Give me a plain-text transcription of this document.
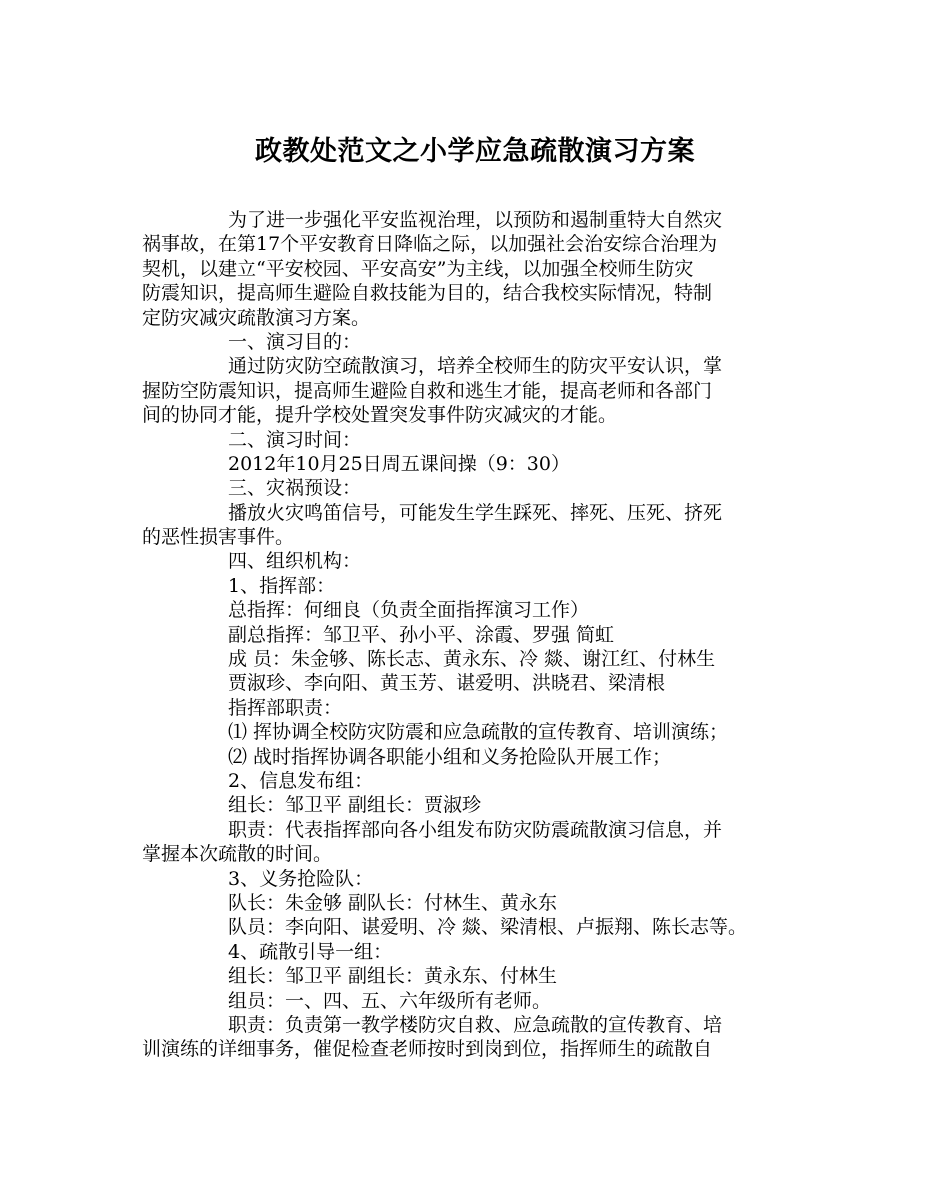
政教处范文之小学应急疏散演习方案
为了进一步强化平安监视治理，以预防和遏制重特大自然灾
祸事故，在第17个平安教育日降临之际，以加强社会治安综合治理为
契机，以建立“平安校园、平安高安”为主线，以加强全校师生防灾
防震知识，提高师生避险自救技能为目的，结合我校实际情况，特制
定防灾减灾疏散演习方案。
一、演习目的：
通过防灾防空疏散演习，培养全校师生的防灾平安认识，掌
握防空防震知识，提高师生避险自救和逃生才能，提高老师和各部门
间的协同才能，提升学校处置突发事件防灾减灾的才能。
二、演习时间：
2012年10月25日周五课间操（9：30）
三、灾祸预设：
播放火灾鸣笛信号，可能发生学生踩死、摔死、压死、挤死
的恶性损害事件。
四、组织机构：
1、指挥部：
总指挥：何细良（负责全面指挥演习工作）
副总指挥：邹卫平、孙小平、涂霞、罗强 简虹
成 员：朱金够、陈长志、黄永东、冷 燚、谢江红、付林生
贾淑珍、李向阳、黄玉芳、谌爱明、洪晓君、梁清根
指挥部职责：
⑴ 挥协调全校防灾防震和应急疏散的宣传教育、培训演练；
⑵ 战时指挥协调各职能小组和义务抢险队开展工作；
2、信息发布组：
组长：邹卫平 副组长：贾淑珍
职责：代表指挥部向各小组发布防灾防震疏散演习信息，并
掌握本次疏散的时间。
3、义务抢险队：
队长：朱金够 副队长：付林生、黄永东
队员：李向阳、谌爱明、冷 燚、梁清根、卢振翔、陈长志等。
4、疏散引导一组：
组长：邹卫平 副组长：黄永东、付林生
组员：一、四、五、六年级所有老师。
职责：负责第一教学楼防灾自救、应急疏散的宣传教育、培
训演练的详细事务，催促检查老师按时到岗到位，指挥师生的疏散自
